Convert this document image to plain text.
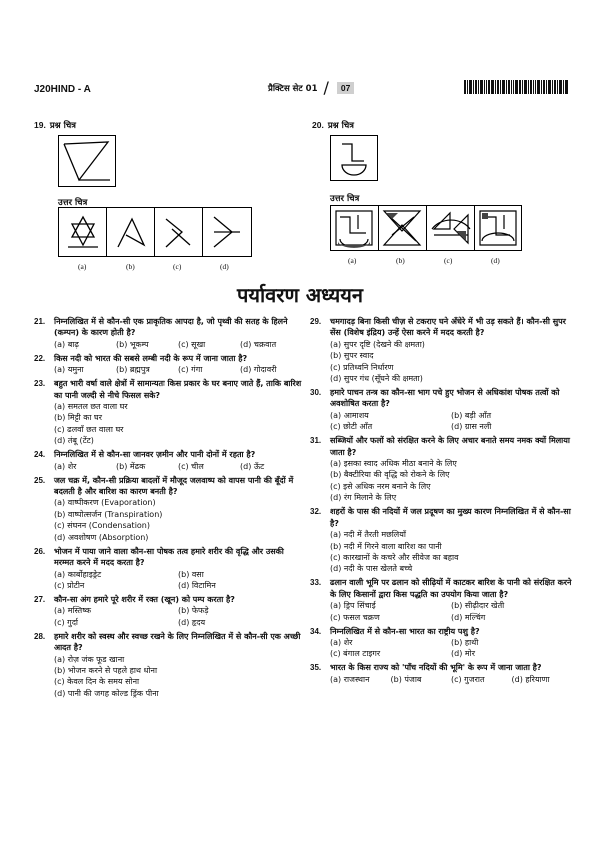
J20HIND - A	प्रैक्टिस सेट 01 /	07
19. प्रश्न चित्र
उत्तर चित्र
(a)	(b)	(c)	(d)
20. प्रश्न चित्र
उत्तर चित्र
(a)	(b)	(c)	(d)
पर्यावरण अध्ययन
21.	निम्नलिखित में से कौन-सी एक प्राकृतिक आपदा है, जो पृथ्वी की सतह के हिलने (कम्पन) के कारण होती है?
(a) बाढ़	(b) भूकम्प	(c) सूखा	(d) चक्रवात
22.	किस नदी को भारत की सबसे लम्बी नदी के रूप में जाना जाता है?
(a) यमुना	(b) ब्रह्मपुत्र	(c) गंगा	(d) गोदावरी
23.	बहुत भारी वर्षा वाले क्षेत्रों में सामान्यतः किस प्रकार के घर बनाए जाते हैं, ताकि बारिश का पानी जल्दी से नीचे फिसल सके?
(a) समतल छत वाला घर
(b) मिट्टी का घर
(c) ढलवाँ छत वाला घर
(d) तंबू (टेंट)
24.	निम्नलिखित में से कौन-सा जानवर ज़मीन और पानी दोनों में रहता है?
(a) शेर	(b) मेंढक	(c) चील	(d) ऊँट
25.	जल चक्र में, कौन-सी प्रक्रिया बादलों में मौजूद जलवाष्प को वापस पानी की बूँदों में बदलती है और बारिश का कारण बनती है?
(a) वाष्पीकरण (Evaporation)
(b) वाष्पोत्सर्जन (Transpiration)
(c) संघनन (Condensation)
(d) अवशोषण (Absorption)
26.	भोजन में पाया जाने वाला कौन-सा पोषक तत्व हमारे शरीर की वृद्धि और उसकी मरम्मत करने में मदद करता है?
(a) कार्बोहाइड्रेट	(b) वसा
(c) प्रोटीन	(d) विटामिन
27.	कौन-सा अंग हमारे पूरे शरीर में रक्त (खून) को पम्प करता है?
(a) मस्तिष्क	(b) फेफड़े
(c) गुर्दा	(d) हृदय
28.	हमारे शरीर को स्वस्थ और स्वच्छ रखने के लिए निम्नलिखित में से कौन-सी एक अच्छी आदत है?
(a) रोज़ जंक फूड खाना
(b) भोजन करने से पहले हाथ धोना
(c) केवल दिन के समय सोना
(d) पानी की जगह कोल्ड ड्रिंक पीना
29.	चमगादड़ बिना किसी चीज़ से टकराए घने अँधेरे में भी उड़ सकते हैं। कौन-सी सुपर सेंस (विशेष इंद्रिय) उन्हें ऐसा करने में मदद करती है?
(a) सुपर दृष्टि (देखने की क्षमता)
(b) सुपर स्वाद
(c) प्रतिध्वनि निर्धारण
(d) सुपर गंध (सूँघने की क्षमता)
30.	हमारे पाचन तन्त्र का कौन-सा भाग पचे हुए भोजन से अधिकांश पोषक तत्वों को अवशोषित करता है?
(a) आमाशय	(b) बड़ी आँत
(c) छोटी आँत	(d) ग्रास नली
31.	सब्जियों और फलों को संरक्षित करने के लिए अचार बनाते समय नमक क्यों मिलाया जाता है?
(a) इसका स्वाद अधिक मीठा बनाने के लिए
(b) बैक्टीरिया की वृद्धि को रोकने के लिए
(c) इसे अधिक नरम बनाने के लिए
(d) रंग मिलाने के लिए
32.	शहरों के पास की नदियों में जल प्रदूषण का मुख्य कारण निम्नलिखित में से कौन-सा है?
(a) नदी में तैरती मछलियाँ
(b) नदी में गिरने वाला बारिश का पानी
(c) कारखानों के कचरे और सीवेज का बहाव
(d) नदी के पास खेलते बच्चे
33.	ढलान वाली भूमि पर ढलान को सीढ़ियों में काटकर बारिश के पानी को संरक्षित करने के लिए किसानों द्वारा किस पद्धति का उपयोग किया जाता है?
(a) ड्रिप सिंचाई	(b) सीढ़ीदार खेती
(c) फसल चक्रण	(d) मल्चिंग
34.	निम्नलिखित में से कौन-सा भारत का राष्ट्रीय पशु है?
(a) शेर	(b) हाथी
(c) बंगाल टाइगर	(d) मोर
35.	भारत के किस राज्य को 'पाँच नदियों की भूमि' के रूप में जाना जाता है?
(a) राजस्थान	(b) पंजाब	(c) गुजरात	(d) हरियाणा
